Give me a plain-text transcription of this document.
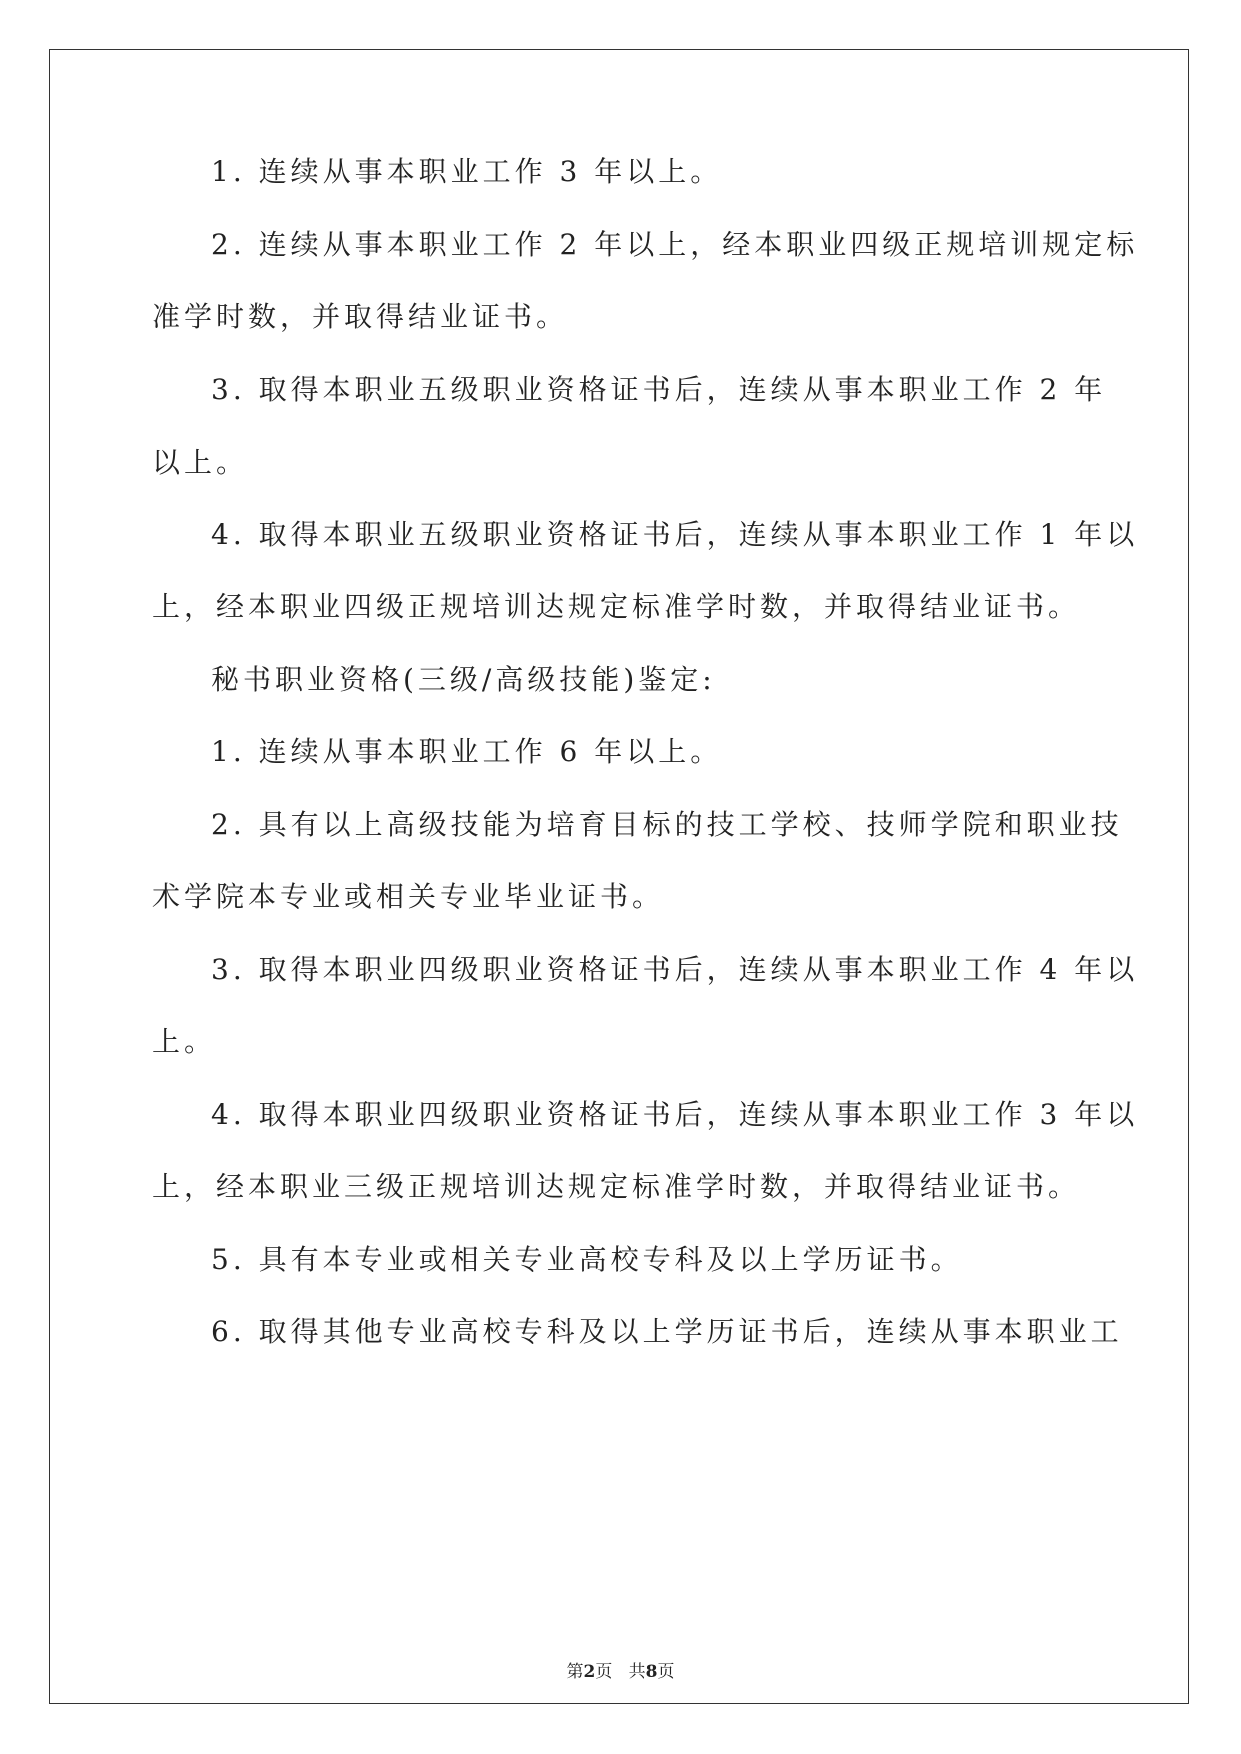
1. 连续从事本职业工作 3 年以上。
2. 连续从事本职业工作 2 年以上，经本职业四级正规培训规定标
准学时数，并取得结业证书。
3. 取得本职业五级职业资格证书后，连续从事本职业工作 2 年
以上。
4. 取得本职业五级职业资格证书后，连续从事本职业工作 1 年以
上，经本职业四级正规培训达规定标准学时数，并取得结业证书。
秘书职业资格(三级/高级技能)鉴定:
1. 连续从事本职业工作 6 年以上。
2. 具有以上高级技能为培育目标的技工学校、技师学院和职业技
术学院本专业或相关专业毕业证书。
3. 取得本职业四级职业资格证书后，连续从事本职业工作 4 年以
上。
4. 取得本职业四级职业资格证书后，连续从事本职业工作 3 年以
上，经本职业三级正规培训达规定标准学时数，并取得结业证书。
5. 具有本专业或相关专业高校专科及以上学历证书。
6. 取得其他专业高校专科及以上学历证书后，连续从事本职业工
第2页 共8页
